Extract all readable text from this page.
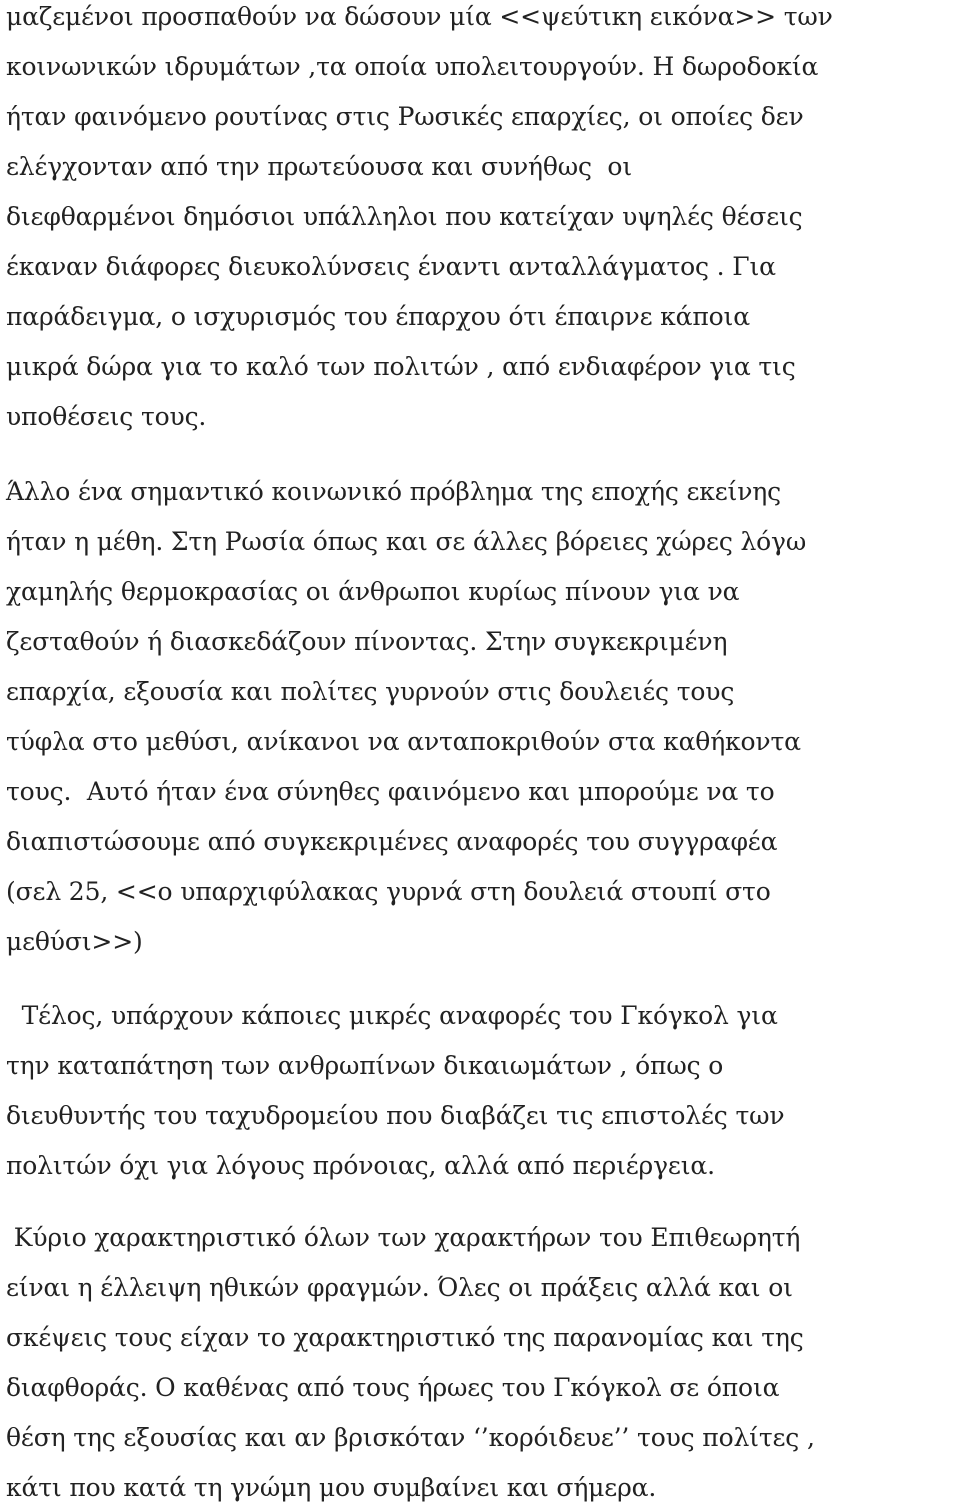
μαζεμένοι προσπαθούν να δώσουν μία <<ψεύτικη εικόνα>> των
κοινωνικών ιδρυμάτων ,τα οποία υπολειτουργούν. Η δωροδοκία
ήταν φαινόμενο ρουτίνας στις Ρωσικές επαρχίες, οι οποίες δεν
ελέγχονταν από την πρωτεύουσα και συνήθως  οι
διεφθαρμένοι δημόσιοι υπάλληλοι που κατείχαν υψηλές θέσεις
έκαναν διάφορες διευκολύνσεις έναντι ανταλλάγματος . Για
παράδειγμα, ο ισχυρισμός του έπαρχου ότι έπαιρνε κάποια
μικρά δώρα για το καλό των πολιτών , από ενδιαφέρον για τις
υποθέσεις τους.
Άλλο ένα σημαντικό κοινωνικό πρόβλημα της εποχής εκείνης
ήταν η μέθη. Στη Ρωσία όπως και σε άλλες βόρειες χώρες λόγω
χαμηλής θερμοκρασίας οι άνθρωποι κυρίως πίνουν για να
ζεσταθούν ή διασκεδάζουν πίνοντας. Στην συγκεκριμένη
επαρχία, εξουσία και πολίτες γυρνούν στις δουλειές τους
τύφλα στο μεθύσι, ανίκανοι να ανταποκριθούν στα καθήκοντα
τους.  Αυτό ήταν ένα σύνηθες φαινόμενο και μπορούμε να το
διαπιστώσουμε από συγκεκριμένες αναφορές του συγγραφέα
(σελ 25, <<ο υπαρχιφύλακας γυρνά στη δουλειά στουπί στο
μεθύσι>>)
Τέλος, υπάρχουν κάποιες μικρές αναφορές του Γκόγκολ για
την καταπάτηση των ανθρωπίνων δικαιωμάτων , όπως ο
διευθυντής του ταχυδρομείου που διαβάζει τις επιστολές των
πολιτών όχι για λόγους πρόνοιας, αλλά από περιέργεια.
Κύριο χαρακτηριστικό όλων των χαρακτήρων του Επιθεωρητή
είναι η έλλειψη ηθικών φραγμών. Όλες οι πράξεις αλλά και οι
σκέψεις τους είχαν το χαρακτηριστικό της παρανομίας και της
διαφθοράς. Ο καθένας από τους ήρωες του Γκόγκολ σε όποια
θέση της εξουσίας και αν βρισκόταν ‘’κορόιδευε’’ τους πολίτες ,
κάτι που κατά τη γνώμη μου συμβαίνει και σήμερα.
